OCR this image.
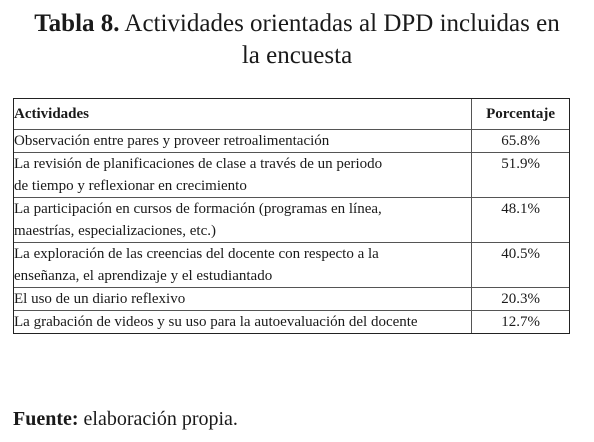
Tabla 8. Actividades orientadas al DPD incluidas en
la encuesta
Actividades	Porcentaje

Observación entre pares y proveer retroalimentación	65.8%

La revisión de planificaciones de clase a través de un periodo
de tiempo y reflexionar en crecimiento	51.9%

La participación en cursos de formación (programas en línea,
maestrías, especializaciones, etc.)	48.1%

La exploración de las creencias del docente con respecto a la
enseñanza, el aprendizaje y el estudiantado	40.5%

El uso de un diario reflexivo	20.3%

La grabación de videos y su uso para la autoevaluación del docente	12.7%
Fuente: elaboración propia.
